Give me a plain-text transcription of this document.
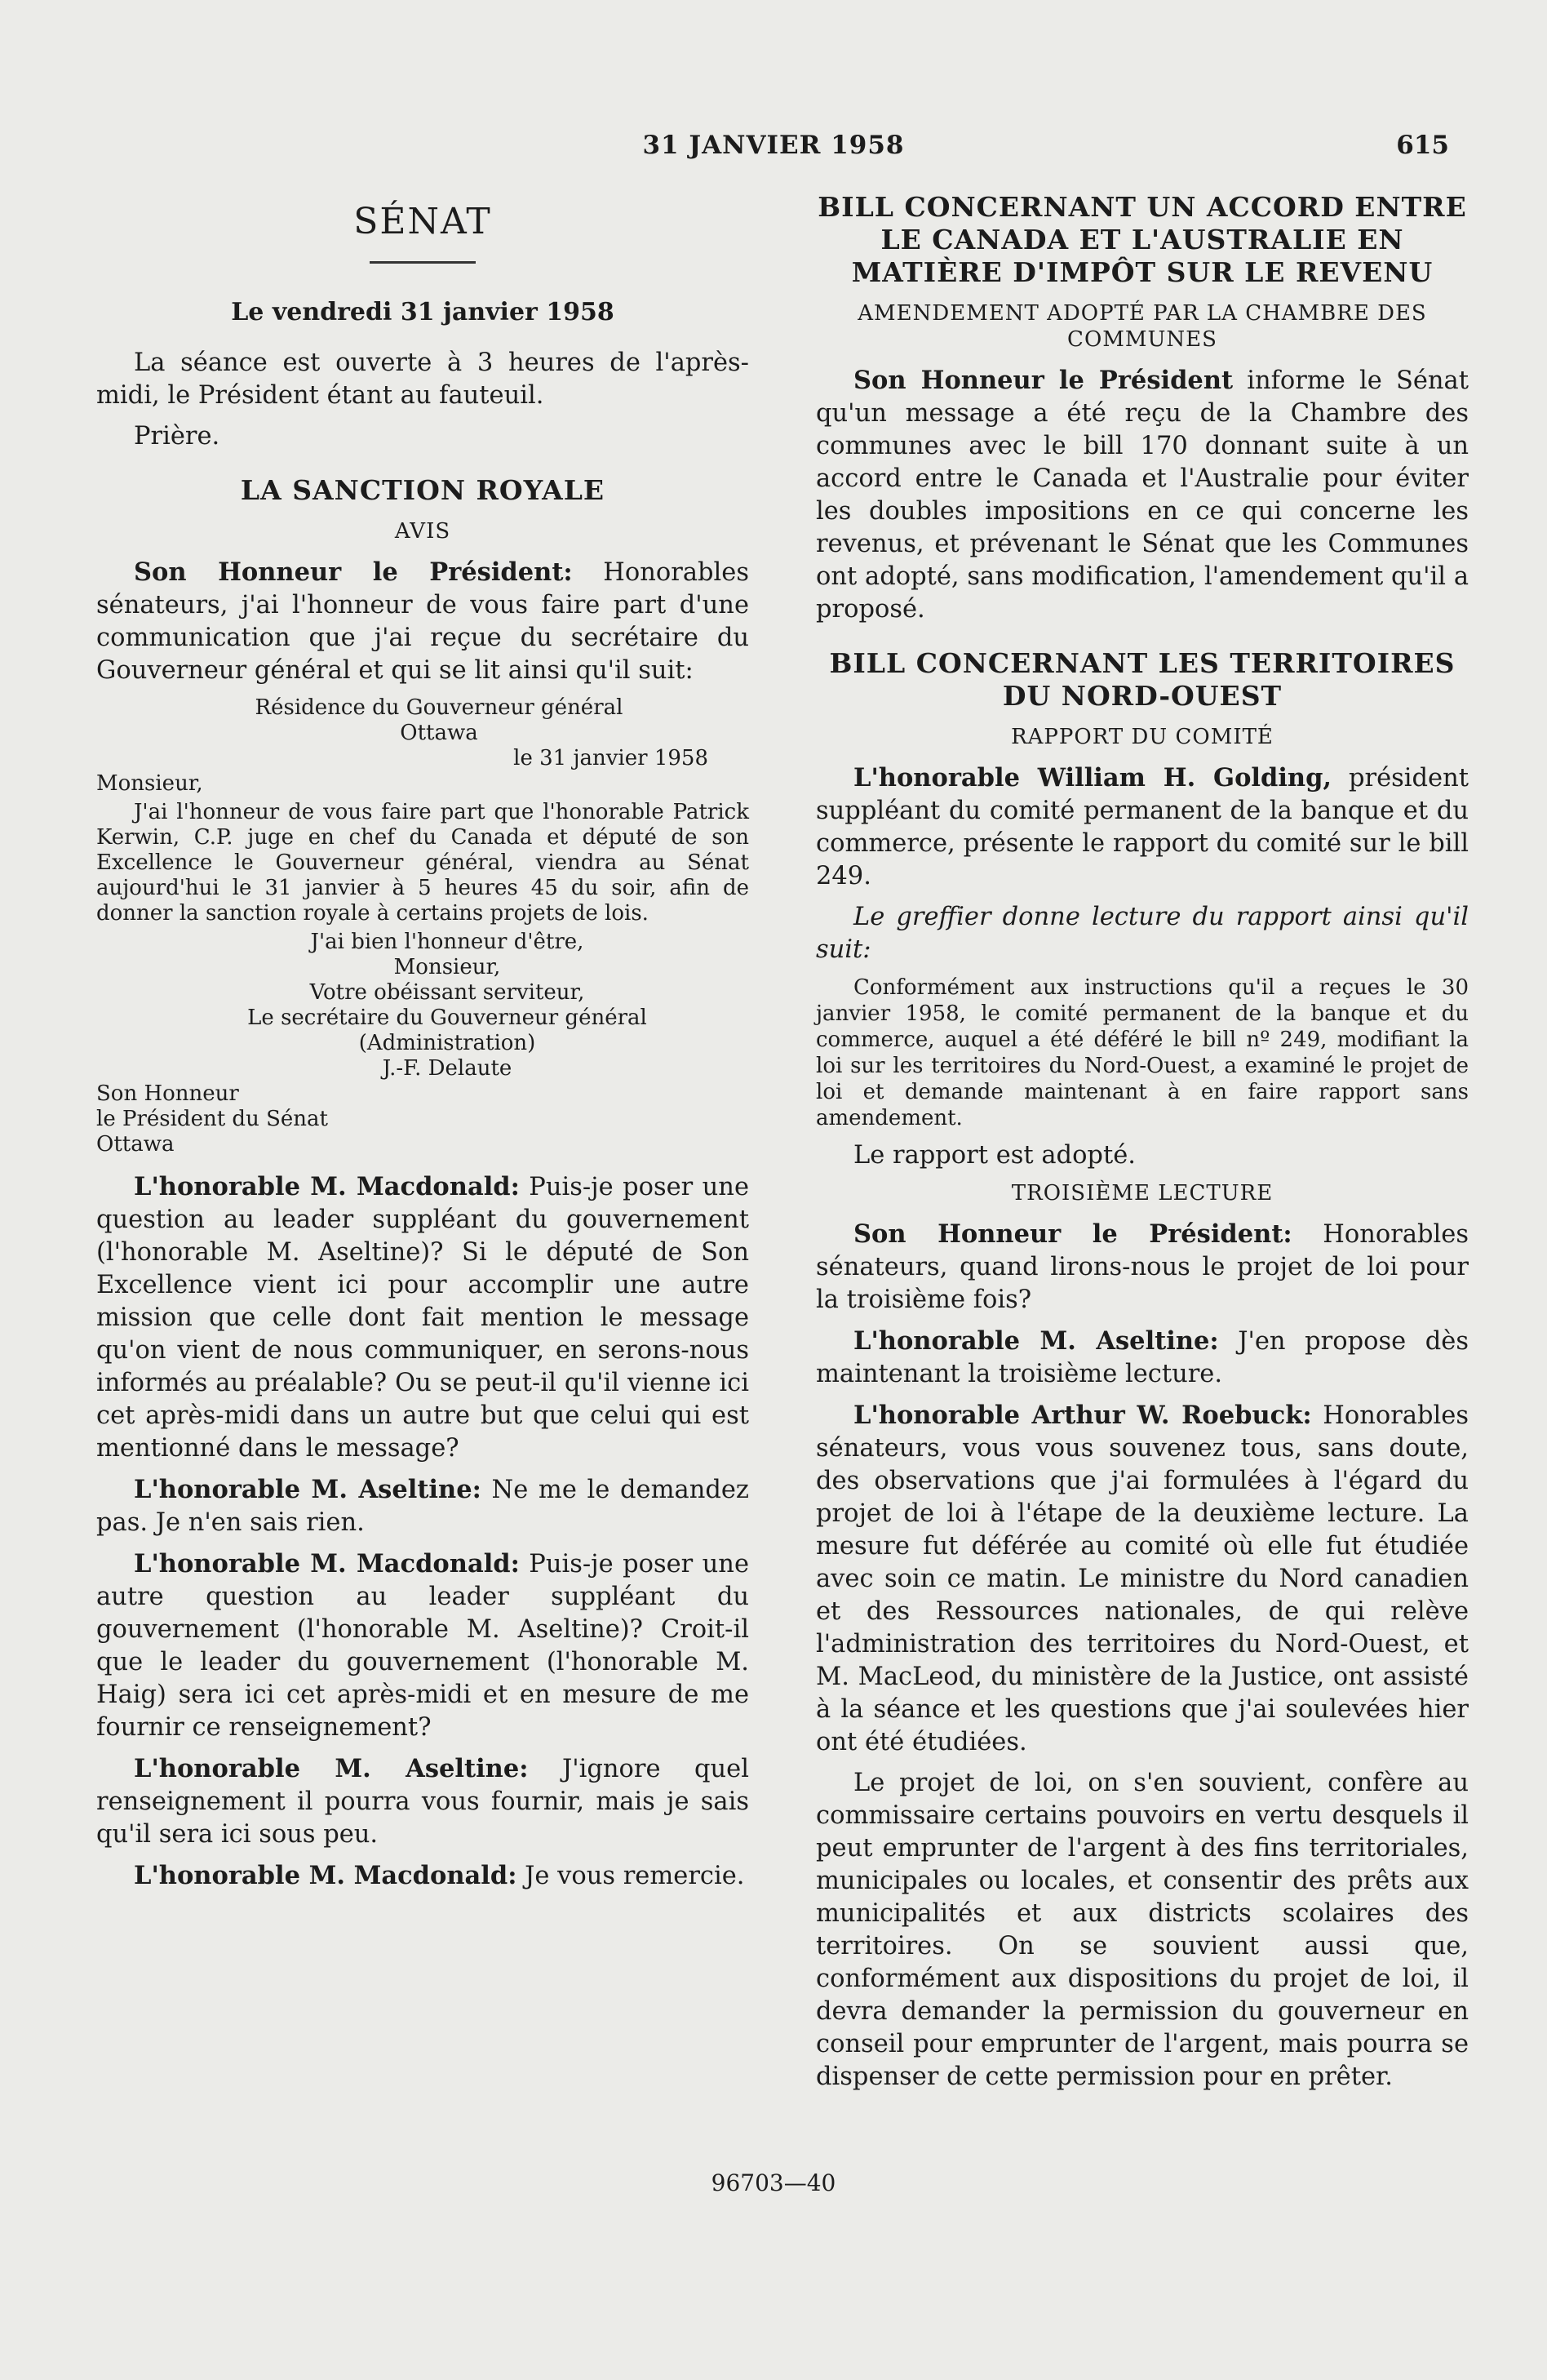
31 JANVIER 1958	615
SÉNAT
Le vendredi 31 janvier 1958

La séance est ouverte à 3 heures de l'après-midi, le Président étant au fauteuil.

Prière.

LA SANCTION ROYALE
AVIS

Son Honneur le Président: Honorables sénateurs, j'ai l'honneur de vous faire part d'une communication que j'ai reçue du secrétaire du Gouverneur général et qui se lit ainsi qu'il suit:

Résidence du Gouverneur général
Ottawa
le 31 janvier 1958
Monsieur,
J'ai l'honneur de vous faire part que l'honorable Patrick Kerwin, C.P. juge en chef du Canada et député de son Excellence le Gouverneur général, viendra au Sénat aujourd'hui le 31 janvier à 5 heures 45 du soir, afin de donner la sanction royale à certains projets de lois.
J'ai bien l'honneur d'être,
Monsieur,
Votre obéissant serviteur,
Le secrétaire du Gouverneur général
(Administration)
J.-F. Delaute
Son Honneur
le Président du Sénat
Ottawa

L'honorable M. Macdonald: Puis-je poser une question au leader suppléant du gouvernement (l'honorable M. Aseltine)? Si le député de Son Excellence vient ici pour accomplir une autre mission que celle dont fait mention le message qu'on vient de nous communiquer, en serons-nous informés au préalable? Ou se peut-il qu'il vienne ici cet après-midi dans un autre but que celui qui est mentionné dans le message?

L'honorable M. Aseltine: Ne me le demandez pas. Je n'en sais rien.

L'honorable M. Macdonald: Puis-je poser une autre question au leader suppléant du gouvernement (l'honorable M. Aseltine)? Croit-il que le leader du gouvernement (l'honorable M. Haig) sera ici cet après-midi et en mesure de me fournir ce renseignement?

L'honorable M. Aseltine: J'ignore quel renseignement il pourra vous fournir, mais je sais qu'il sera ici sous peu.

L'honorable M. Macdonald: Je vous remercie.

BILL CONCERNANT UN ACCORD ENTRE LE CANADA ET L'AUSTRALIE EN MATIÈRE D'IMPÔT SUR LE REVENU
AMENDEMENT ADOPTÉ PAR LA CHAMBRE DES COMMUNES

Son Honneur le Président informe le Sénat qu'un message a été reçu de la Chambre des communes avec le bill 170 donnant suite à un accord entre le Canada et l'Australie pour éviter les doubles impositions en ce qui concerne les revenus, et prévenant le Sénat que les Communes ont adopté, sans modification, l'amendement qu'il a proposé.

BILL CONCERNANT LES TERRITOIRES DU NORD-OUEST
RAPPORT DU COMITÉ

L'honorable William H. Golding, président suppléant du comité permanent de la banque et du commerce, présente le rapport du comité sur le bill 249.

Le greffier donne lecture du rapport ainsi qu'il suit:

Conformément aux instructions qu'il a reçues le 30 janvier 1958, le comité permanent de la banque et du commerce, auquel a été déféré le bill nº 249, modifiant la loi sur les territoires du Nord-Ouest, a examiné le projet de loi et demande maintenant à en faire rapport sans amendement.

Le rapport est adopté.

TROISIÈME LECTURE

Son Honneur le Président: Honorables sénateurs, quand lirons-nous le projet de loi pour la troisième fois?

L'honorable M. Aseltine: J'en propose dès maintenant la troisième lecture.

L'honorable Arthur W. Roebuck: Honorables sénateurs, vous vous souvenez tous, sans doute, des observations que j'ai formulées à l'égard du projet de loi à l'étape de la deuxième lecture. La mesure fut déférée au comité où elle fut étudiée avec soin ce matin. Le ministre du Nord canadien et des Ressources nationales, de qui relève l'administration des territoires du Nord-Ouest, et M. MacLeod, du ministère de la Justice, ont assisté à la séance et les questions que j'ai soulevées hier ont été étudiées.

Le projet de loi, on s'en souvient, confère au commissaire certains pouvoirs en vertu desquels il peut emprunter de l'argent à des fins territoriales, municipales ou locales, et consentir des prêts aux municipalités et aux districts scolaires des territoires. On se souvient aussi que, conformément aux dispositions du projet de loi, il devra demander la permission du gouverneur en conseil pour emprunter de l'argent, mais pourra se dispenser de cette permission pour en prêter.

96703—40
